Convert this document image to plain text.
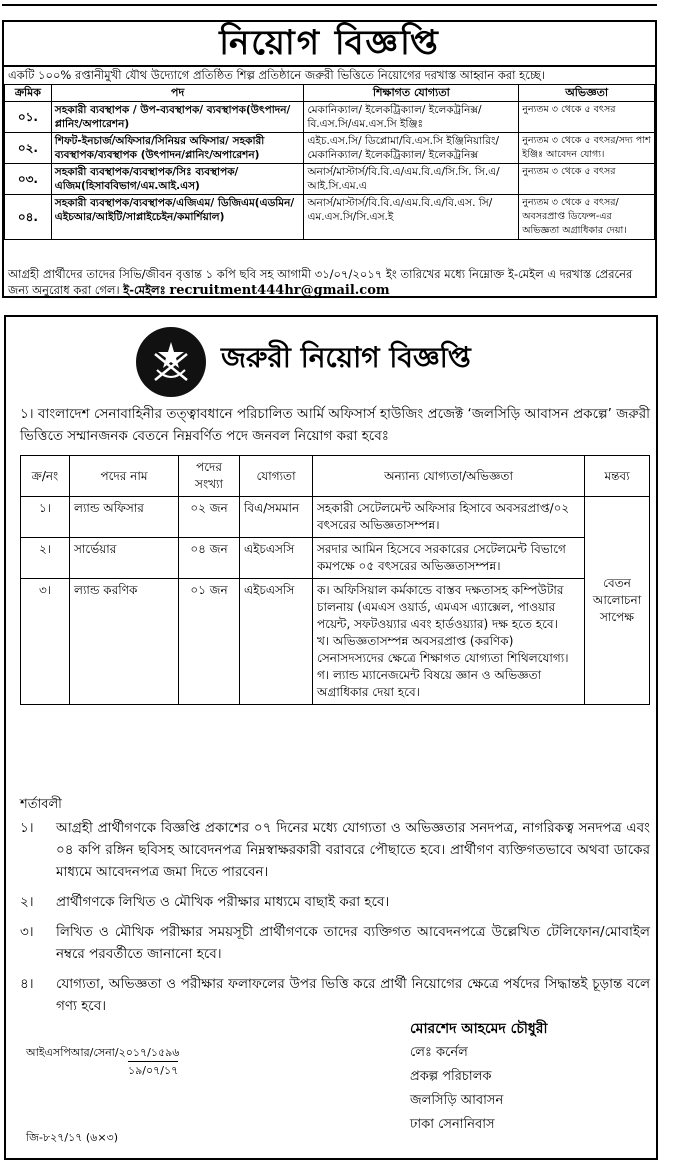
নিয়োগ বিজ্ঞপ্তি
একটি ১০০% রপ্তানীমুখী যৌথ উদ্যোগে প্রতিষ্ঠিত শিল্প প্রতিষ্ঠানে জরুরী ভিত্তিতে নিয়োগের দরখাস্ত আহ্বান করা হচ্ছে।
ক্রমিক	পদ	শিক্ষাগত যোগ্যতা	অভিজ্ঞতা
০১.	সহকারী ব্যবস্থাপক / উপ-ব্যবস্থাপক/ ব্যবস্থাপক(উৎপাদন/প্লানিং/অপারেশন)	মেকানিক্যাল/ ইলেকট্রিক্যাল/ ইলেকট্রনিক্স/বি.এস.সি/এম.এস.সি ইঞ্জিঃ	নুন্যতম ৩ থেকে ৫ বৎসর
০২.	শিফট-ইনচার্জ/অফিসার/সিনিয়র অফিসার/ সহকারী ব্যবস্থাপক/ব্যবস্থাপক (উৎপাদন/প্লানিং/অপারেশন)	এইচ.এস.সি/ ডিপ্লোমা/বি.এস.সি ইঞ্জিনিয়ারিং/মেকানিক্যাল/ ইলেকট্রিক্যাল/ ইলেকট্রনিক্স	নুন্যতম ৩ থেকে ৫ বৎসর/সদ্য পাশ ইঞ্জিঃ আবেদন যোগ্য।
০৩.	সহকারী ব্যবস্থাপক/ব্যবস্থাপক/সিঃ ব্যবস্থাপক/ এজিম(হিসাববিভাগ/এম.আই.এস)	অনার্স/মাস্টার্স/বি.বি.এ/এম.বি.এ/সি.সি. সি.এ/ আই.সি.এম.এ	নুন্যতম ৩ থেকে ৫ বৎসর
০৪.	সহকারী ব্যবস্থাপক/ব্যবস্থাপক/এজিএম/ ডিজিএম(এডমিন/এইচআর/আইটি/সাপ্লাইচেইন/কমার্শিয়াল)	অনার্স/মাস্টার্স/বি.বি.এ/এম.বি.এ/বি.এস. সি/ এম.এস.সি/সি.এস.ই	নুন্যতম ৩ থেকে ৫ বৎসর/ অবসরপ্রাপ্ত ডিফেন্স-এর অভিজ্ঞতা অগ্রাধিকার দেয়া।
আগ্রহী প্রার্থীদের তাদের সিভি/জীবন বৃত্তান্ত ১ কপি ছবি সহ আগামী ৩১/০৭/২০১৭ ইং তারিখের মধ্যে নিম্নোক্ত ই-মেইল এ দরখাস্ত প্রেরনের জন্য অনুরোধ করা গেল। ই-মেইলঃ recruitment444hr@gmail.com
জরুরী নিয়োগ বিজ্ঞপ্তি
১। বাংলাদেশ সেনাবাহিনীর তত্ত্বাবধানে পরিচালিত আর্মি অফিসার্স হাউজিং প্রজেক্ট ‘জলসিড়ি আবাসন প্রকল্পে’ জরুরী ভিত্তিতে সম্মানজনক বেতনে নিম্নবর্ণিত পদে জনবল নিয়োগ করা হবেঃ
ক্র/নং	পদের নাম	পদের সংখ্যা	যোগ্যতা	অন্যান্য যোগ্যতা/অভিজ্ঞতা	মন্তব্য
১।	ল্যান্ড অফিসার	০২ জন	বিএ/সমমান	সহকারী সেটেলমেন্ট অফিসার হিসাবে অবসরপ্রাপ্ত/০২ বৎসরের অভিজ্ঞতাসম্পন্ন।	বেতন আলোচনা সাপেক্ষ
২।	সার্ভেয়ার	০৪ জন	এইচএসসি	সরদার আমিন হিসেবে সরকারের সেটেলমেন্ট বিভাগে কমপক্ষে ০৫ বৎসরের অভিজ্ঞতাসম্পন্ন।	
৩।	ল্যান্ড করণিক	০১ জন	এইচএসসি	ক। অফিসিয়াল কর্মকান্ডে বাস্তব দক্ষতাসহ কম্পিউটার চালনায় (এমএস ওয়ার্ড, এমএস এ্যাক্সেল, পাওয়ার পয়েন্ট, সফটওয়্যার এবং হার্ডওয়্যার) দক্ষ হতে হবে।
খ। অভিজ্ঞতাসম্পন্ন অবসরপ্রাপ্ত (করণিক) সেনাসদস্যদের ক্ষেত্রে শিক্ষাগত যোগ্যতা শিথিলযোগ্য।
গ। ল্যান্ড ম্যানেজমেন্ট বিষয়ে জ্ঞান ও অভিজ্ঞতা অগ্রাধিকার দেয়া হবে।	
শর্তাবলী
১।	আগ্রহী প্রার্থীগণকে বিজ্ঞপ্তি প্রকাশের ০৭ দিনের মধ্যে যোগ্যতা ও অভিজ্ঞতার সনদপত্র, নাগরিকত্ব সনদপত্র এবং ০৪ কপি রঙ্গিন ছবিসহ আবেদনপত্র নিম্নস্বাক্ষরকারী বরাবরে পৌছাতে হবে। প্রার্থীগণ ব্যক্তিগতভাবে অথবা ডাকের মাধ্যমে আবেদনপত্র জমা দিতে পারবেন।
২।	প্রার্থীগণকে লিখিত ও মৌখিক পরীক্ষার মাধ্যমে বাছাই করা হবে।
৩।	লিখিত ও মৌখিক পরীক্ষার সময়সূচী প্রার্থীগণকে তাদের ব্যক্তিগত আবেদনপত্রে উল্লেখিত টেলিফোন/মোবাইল নম্বরে পরবর্তীতে জানানো হবে।
৪।	যোগ্যতা, অভিজ্ঞতা ও পরীক্ষার ফলাফলের উপর ভিত্তি করে প্রার্থী নিয়োগের ক্ষেত্রে পর্ষদের সিদ্ধান্তই চূড়ান্ত বলে গণ্য হবে।
আইএসপিআর/সেনা/২০১৭/১৫৯৬
১৯/০৭/১৭
মোরশেদ আহমেদ চৌধুরী
লেঃ কর্নেল
প্রকল্প পরিচালক
জলসিড়ি আবাসন
ঢাকা সেনানিবাস
জি-৮২৭/১৭ (৬×৩)
